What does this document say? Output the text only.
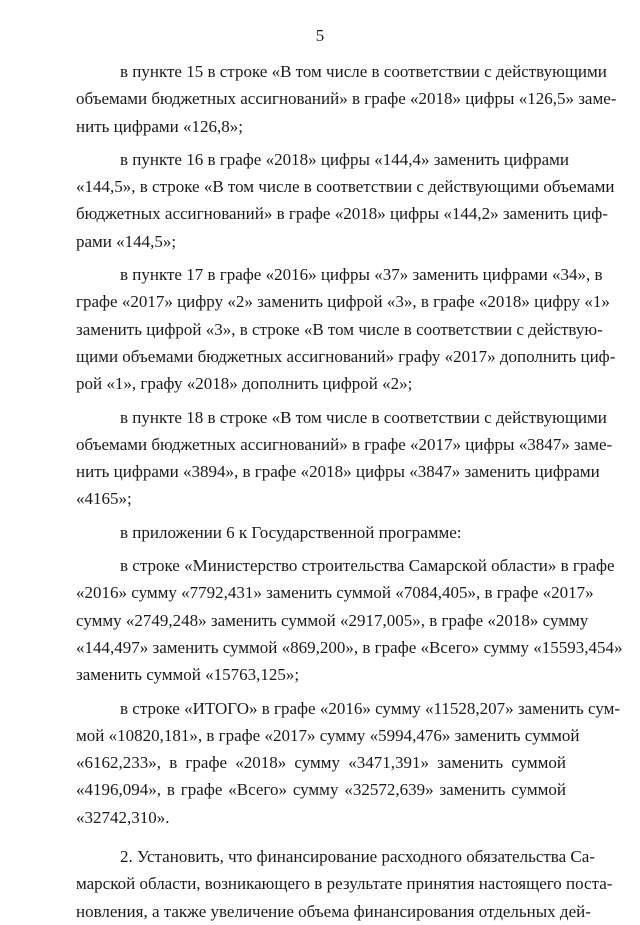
5
в пункте 15 в строке «В том числе в соответствии с действующими
объемами бюджетных ассигнований» в графе «2018» цифры «126,5» заме-
нить цифрами «126,8»;
в пункте 16 в графе «2018» цифры «144,4» заменить цифрами
«144,5», в строке «В том числе в соответствии с действующими объемами
бюджетных ассигнований» в графе «2018» цифры «144,2» заменить циф-
рами «144,5»;
в пункте 17 в графе «2016» цифры «37» заменить цифрами «34», в
графе «2017» цифру «2» заменить цифрой «3», в графе «2018» цифру «1»
заменить цифрой «3», в строке «В том числе в соответствии с действую-
щими объемами бюджетных ассигнований» графу «2017» дополнить циф-
рой «1», графу «2018» дополнить цифрой «2»;
в пункте 18 в строке «В том числе в соответствии с действующими
объемами бюджетных ассигнований» в графе «2017» цифры «3847» заме-
нить цифрами «3894», в графе «2018» цифры «3847» заменить цифрами
«4165»;
в приложении 6 к Государственной программе:
в строке «Министерство строительства Самарской области» в графе
«2016» сумму «7792,431» заменить суммой «7084,405», в графе «2017»
сумму «2749,248» заменить суммой «2917,005», в графе «2018» сумму
«144,497» заменить суммой «869,200», в графе «Всего» сумму «15593,454»
заменить суммой «15763,125»;
в строке «ИТОГО» в графе «2016» сумму «11528,207» заменить сум-
мой «10820,181», в графе «2017» сумму «5994,476» заменить суммой
«6162,233», в графе «2018» сумму «3471,391» заменить суммой
«4196,094», в графе «Всего» сумму «32572,639» заменить суммой
«32742,310».
2. Установить, что финансирование расходного обязательства Са-
марской области, возникающего в результате принятия настоящего поста-
новления, а также увеличение объема финансирования отдельных дей-
